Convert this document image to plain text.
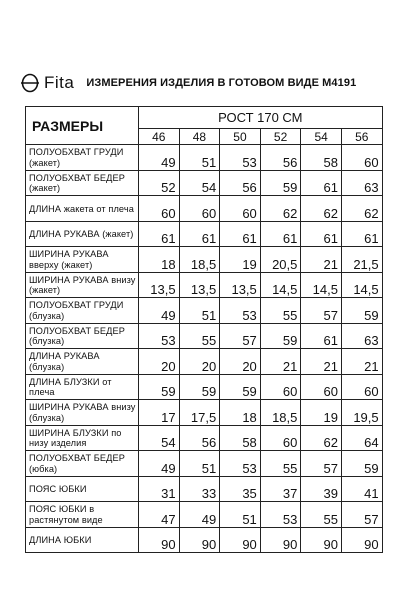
Fita ИЗМЕРЕНИЯ ИЗДЕЛИЯ В ГОТОВОМ ВИДЕ М4191
РАЗМЕРЫ	РОСТ 170 СМ					
	46	48	50	52	54	56
ПОЛУОБХВАТ ГРУДИ (жакет)	49	51	53	56	58	60
ПОЛУОБХВАТ БЕДЕР (жакет)	52	54	56	59	61	63
ДЛИНА жакета от плеча	60	60	60	62	62	62
ДЛИНА РУКАВА (жакет)	61	61	61	61	61	61
ШИРИНА РУКАВА вверху (жакет)	18	18,5	19	20,5	21	21,5
ШИРИНА РУКАВА внизу (жакет)	13,5	13,5	13,5	14,5	14,5	14,5
ПОЛУОБХВАТ ГРУДИ (блузка)	49	51	53	55	57	59
ПОЛУОБХВАТ БЕДЕР (блузка)	53	55	57	59	61	63
ДЛИНА РУКАВА (блузка)	20	20	20	21	21	21
ДЛИНА БЛУЗКИ от плеча	59	59	59	60	60	60
ШИРИНА РУКАВА внизу (блузка)	17	17,5	18	18,5	19	19,5
ШИРИНА БЛУЗКИ по низу изделия	54	56	58	60	62	64
ПОЛУОБХВАТ БЕДЕР (юбка)	49	51	53	55	57	59
ПОЯС ЮБКИ	31	33	35	37	39	41
ПОЯС ЮБКИ в растянутом виде	47	49	51	53	55	57
ДЛИНА ЮБКИ	90	90	90	90	90	90
